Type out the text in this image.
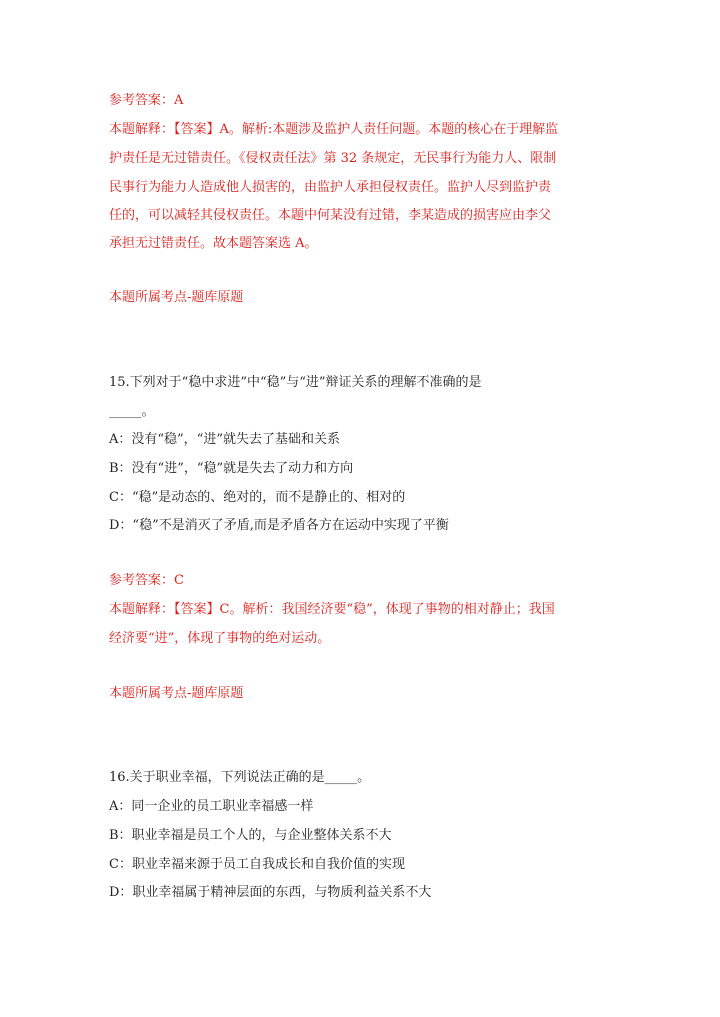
参考答案：A
本题解释：【答案】A。解析:本题涉及监护人责任问题。本题的核心在于理解监
护责任是无过错责任。《侵权责任法》第 32 条规定，无民事行为能力人、限制
民事行为能力人造成他人损害的，由监护人承担侵权责任。监护人尽到监护责
任的，可以减轻其侵权责任。本题中何某没有过错，李某造成的损害应由李父
承担无过错责任。故本题答案选 A。
本题所属考点-题库原题
15.下列对于“稳中求进”中“稳”与“进”辩证关系的理解不准确的是
_____。
A：没有“稳”，“进”就失去了基础和关系
B：没有“进”，“稳”就是失去了动力和方向
C：“稳”是动态的、绝对的，而不是静止的、相对的
D：“稳”不是消灭了矛盾,而是矛盾各方在运动中实现了平衡
参考答案：C
本题解释：【答案】C。解析：我国经济要“稳”，体现了事物的相对静止；我国
经济要“进”，体现了事物的绝对运动。
本题所属考点-题库原题
16.关于职业幸福，下列说法正确的是_____。
A：同一企业的员工职业幸福感一样
B：职业幸福是员工个人的，与企业整体关系不大
C：职业幸福来源于员工自我成长和自我价值的实现
D：职业幸福属于精神层面的东西，与物质利益关系不大
